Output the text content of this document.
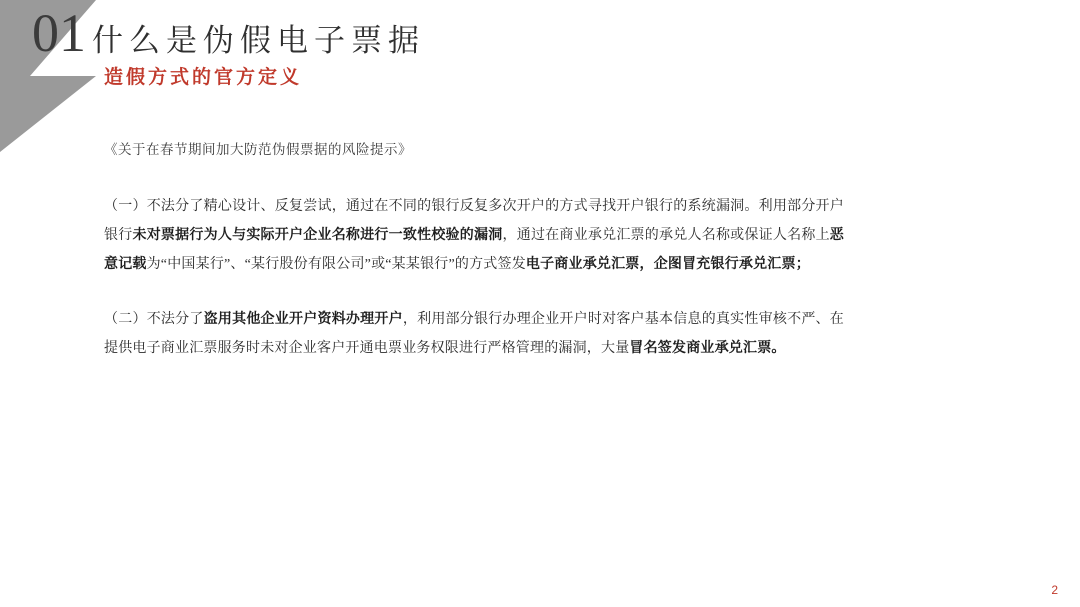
01 什么是伪假电子票据
造假方式的官方定义
《关于在春节期间加大防范伪假票据的风险提示》
（一）不法分了精心设计、反复尝试，通过在不同的银行反复多次开户的方式寻找开户银行的系统漏洞。利用部分开户银行未对票据行为人与实际开户企业名称进行一致性校验的漏洞，通过在商业承兑汇票的承兑人名称或保证人名称上恶意记载为“中国某行”、“某行股份有限公司”或“某某银行”的方式签发电子商业承兑汇票，企图冒充银行承兑汇票；
（二）不法分了盗用其他企业开户资料办理开户，利用部分银行办理企业开户时对客户基本信息的真实性审核不严、在提供电子商业汇票服务时未对企业客户开通电票业务权限进行严格管理的漏洞，大量冒名签发商业承兑汇票。
2
